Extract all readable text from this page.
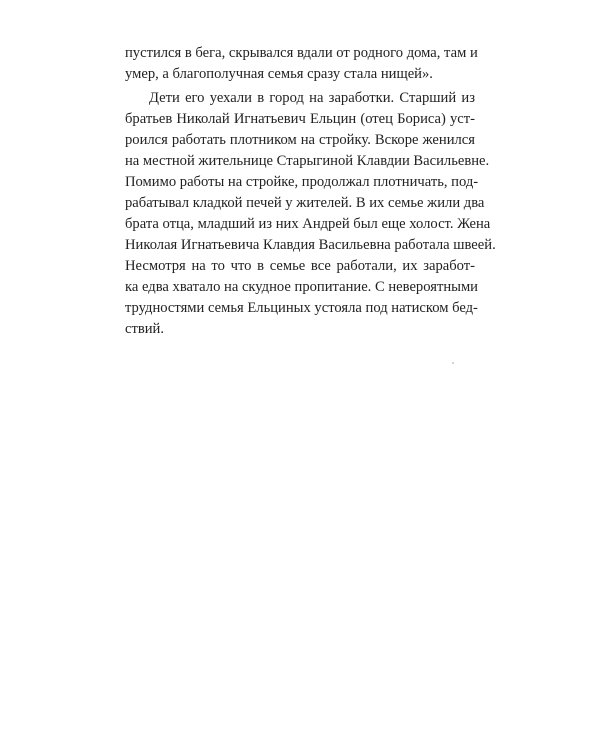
пустился в бега, скрывался вдали от родного дома, там и
умер, а благополучная семья сразу стала нищей».
Дети его уехали в город на заработки. Старший из
братьев Николай Игнатьевич Ельцин (отец Бориса) уст-
роился работать плотником на стройку. Вскоре женился
на местной жительнице Старыгиной Клавдии Васильевне.
Помимо работы на стройке, продолжал плотничать, под-
рабатывал кладкой печей у жителей. В их семье жили два
брата отца, младший из них Андрей был еще холост. Жена
Николая Игнатьевича Клавдия Васильевна работала швеей.
Несмотря на то что в семье все работали, их заработ-
ка едва хватало на скудное пропитание. С невероятными
трудностями семья Ельциных устояла под натиском бед-
ствий.
